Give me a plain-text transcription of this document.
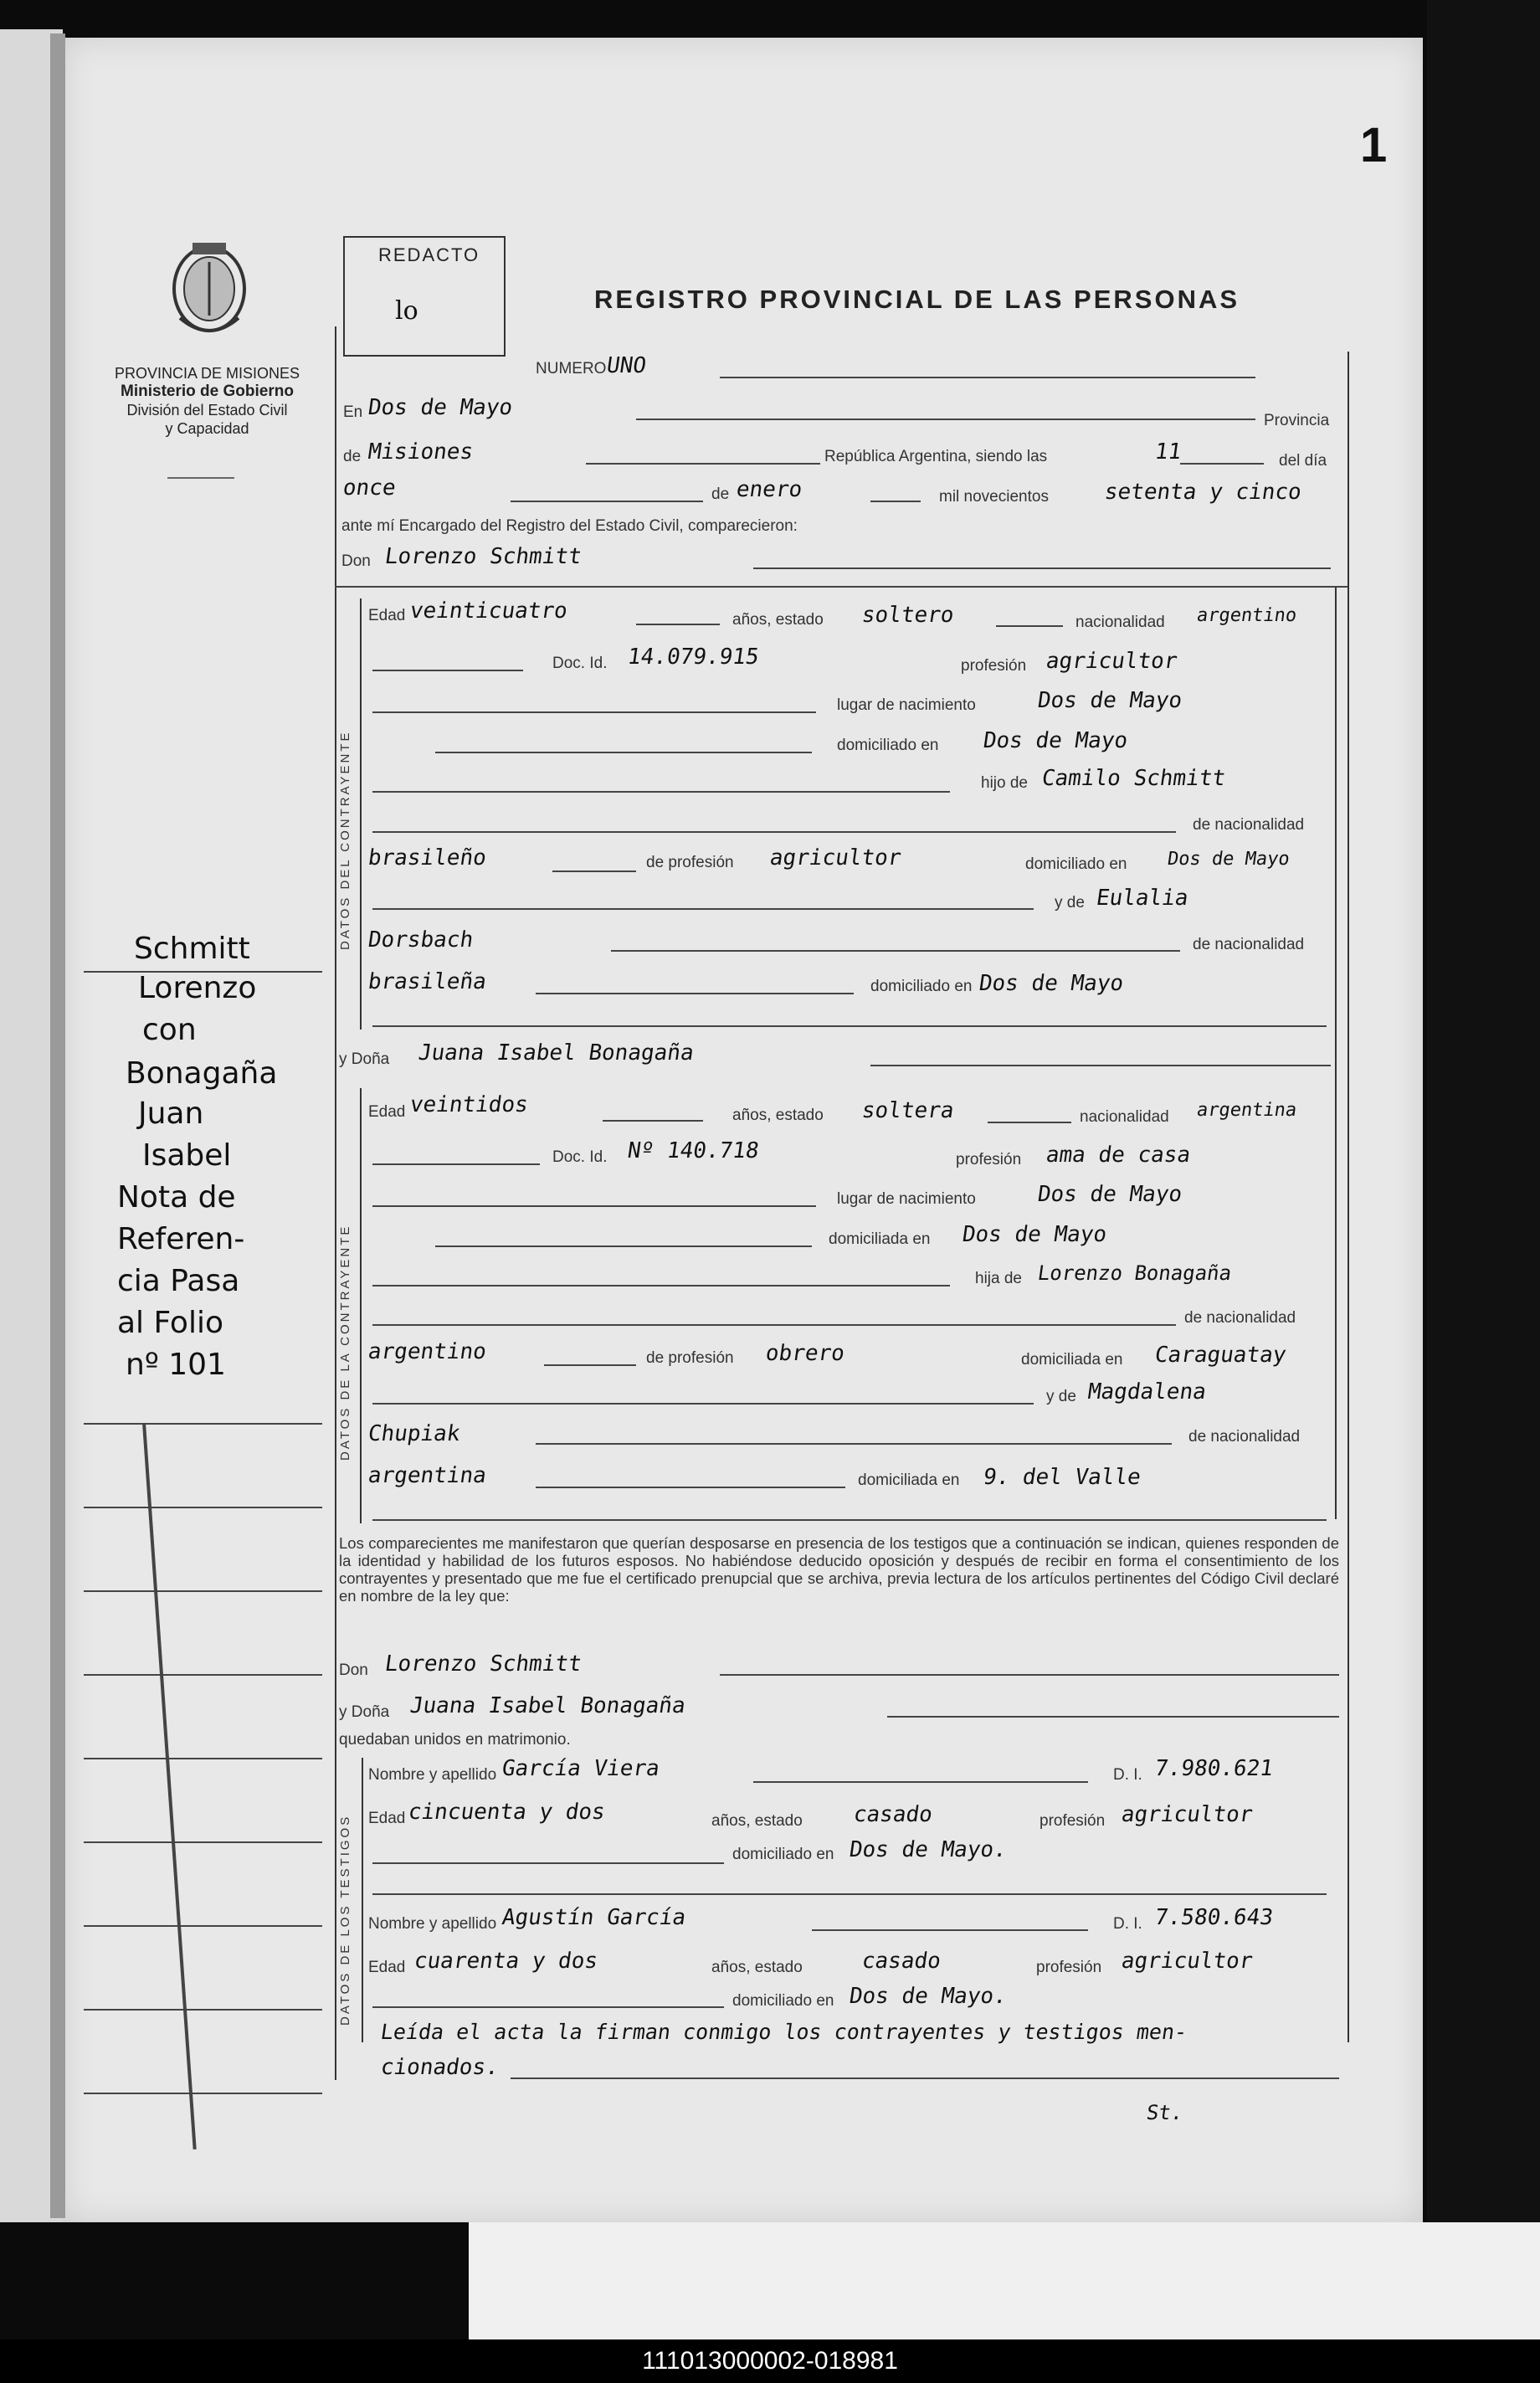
1
PROVINCIA DE MISIONES
Ministerio de Gobierno
División del Estado Civil
y Capacidad
REDACTO
lo	REGISTRO PROVINCIAL DE LAS PERSONAS
NUMERO
UNO
En Dos de Mayo
Provincia
de Misiones	República Argentina, siendo las	11	del día
once	de enero	mil novecientos setenta y cinco
ante mí Encargado del Registro del Estado Civil, comparecieron:
Don Lorenzo Schmitt
DATOS DEL CONTRAYENTE
Edad veinticuatro	años, estado soltero	nacionalidad argentino
Doc. Id. 14.079.915	profesión agricultor
lugar de nacimiento	Dos de Mayo
domiciliado en Dos de Mayo
hijo de Camilo Schmitt
de nacionalidad
brasileño	de profesión agricultor	domiciliado en Dos de Mayo
y de Eulalia
Dorsbach	de nacionalidad
brasileña	domiciliado en Dos de Mayo
y Doña Juana Isabel Bonagaña
DATOS DE LA CONTRAYENTE
Edad veintidos	años, estado soltera	nacionalidad argentina
Doc. Id. Nº 140.718	profesión ama de casa
lugar de nacimiento	Dos de Mayo
domiciliada en Dos de Mayo
hija de Lorenzo Bonagaña
de nacionalidad
argentino	de profesión obrero	domiciliada en Caraguatay
y de Magdalena
Chupiak	de nacionalidad
argentina	domiciliada en 9. del Valle
Los comparecientes me manifestaron que querían desposarse en presencia de los testigos que a continuación se indican, quienes responden de la identidad y habilidad de los futuros esposos. No habiéndose deducido oposición y después de recibir en forma el consentimiento de los contrayentes y presentado que me fue el certificado prenupcial que se archiva, previa lectura de los artículos pertinentes del Código Civil declaré en nombre de la ley que:
Don Lorenzo Schmitt
y Doña Juana Isabel Bonagaña
quedaban unidos en matrimonio.
DATOS DE LOS TESTIGOS
Nombre y apellido García Viera	D. I. 7.980.621
Edad cincuenta y dos	años, estado casado	profesión agricultor
domiciliado en Dos de Mayo.
Nombre y apellido Agustín García	D. I. 7.580.643
Edad cuarenta y dos	años, estado	casado	profesión agricultor
domiciliado en Dos de Mayo.
Leída el acta la firman conmigo los contrayentes y testigos men-
cionados.
St.
Schmitt
Lorenzo
con
Bonagaña
Juan
Isabel
Nota de
Referen-
cia Pasa
al Folio
nº 101
111013000002-018981
